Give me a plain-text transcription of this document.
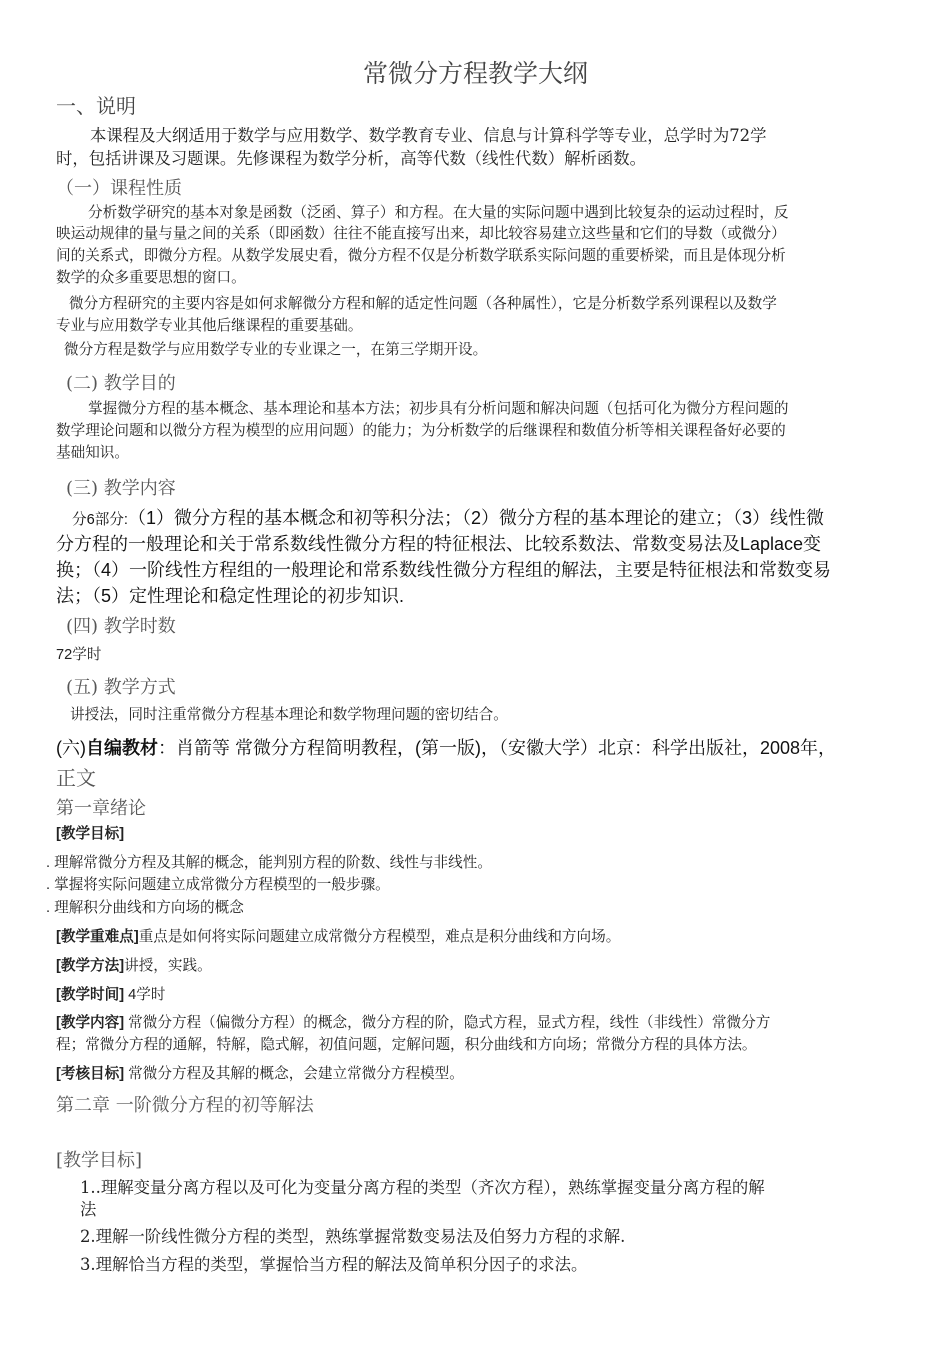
常微分方程教学大纲
一、说明
本课程及大纲适用于数学与应用数学、数学教育专业、信息与计算科学等专业，总学时为72学
时，包括讲课及习题课。先修课程为数学分析，高等代数（线性代数）解析函数。
（一）课程性质
分析数学研究的基本对象是函数（泛函、算子）和方程。在大量的实际问题中遇到比较复杂的运动过程时，反
映运动规律的量与量之间的关系（即函数）往往不能直接写出来，却比较容易建立这些量和它们的导数（或微分）
间的关系式，即微分方程。从数学发展史看，微分方程不仅是分析数学联系实际问题的重要桥梁，而且是体现分析
数学的众多重要思想的窗口。
微分方程研究的主要内容是如何求解微分方程和解的适定性问题（各种属性），它是分析数学系列课程以及数学
专业与应用数学专业其他后继课程的重要基础。
微分方程是数学与应用数学专业的专业课之一，在第三学期开设。
(二) 教学目的
掌握微分方程的基本概念、基本理论和基本方法；初步具有分析问题和解决问题（包括可化为微分方程问题的
数学理论问题和以微分方程为模型的应用问题）的能力；为分析数学的后继课程和数值分析等相关课程备好必要的
基础知识。
(三) 教学内容
分6部分:（1）微分方程的基本概念和初等积分法；（2）微分方程的基本理论的建立；（3）线性微
分方程的一般理论和关于常系数线性微分方程的特征根法、比较系数法、常数变易法及Laplace变
换；（4）一阶线性方程组的一般理论和常系数线性微分方程组的解法，主要是特征根法和常数变易
法；（5）定性理论和稳定性理论的初步知识.
(四) 教学时数
72学时
(五) 教学方式
讲授法，同时注重常微分方程基本理论和数学物理问题的密切结合。
(六)自编教材：肖箭等 常微分方程简明教程，(第一版)，（安徽大学）北京：科学出版社，2008年，
正文
第一章绪论
[教学目标]
. 理解常微分方程及其解的概念，能判别方程的阶数、线性与非线性。
. 掌握将实际问题建立成常微分方程模型的一般步骤。
. 理解积分曲线和方向场的概念
[教学重难点]重点是如何将实际问题建立成常微分方程模型，难点是积分曲线和方向场。
[教学方法]讲授，实践。
[教学时间] 4学时
[教学内容] 常微分方程（偏微分方程）的概念，微分方程的阶，隐式方程，显式方程，线性（非线性）常微分方
程；常微分方程的通解，特解，隐式解，初值问题，定解问题，积分曲线和方向场；常微分方程的具体方法。
[考核目标] 常微分方程及其解的概念，会建立常微分方程模型。
第二章 一阶微分方程的初等解法
[教学目标]
1..理解变量分离方程以及可化为变量分离方程的类型（齐次方程），熟练掌握变量分离方程的解
法
2.理解一阶线性微分方程的类型，熟练掌握常数变易法及伯努力方程的求解.
3.理解恰当方程的类型，掌握恰当方程的解法及简单积分因子的求法。
